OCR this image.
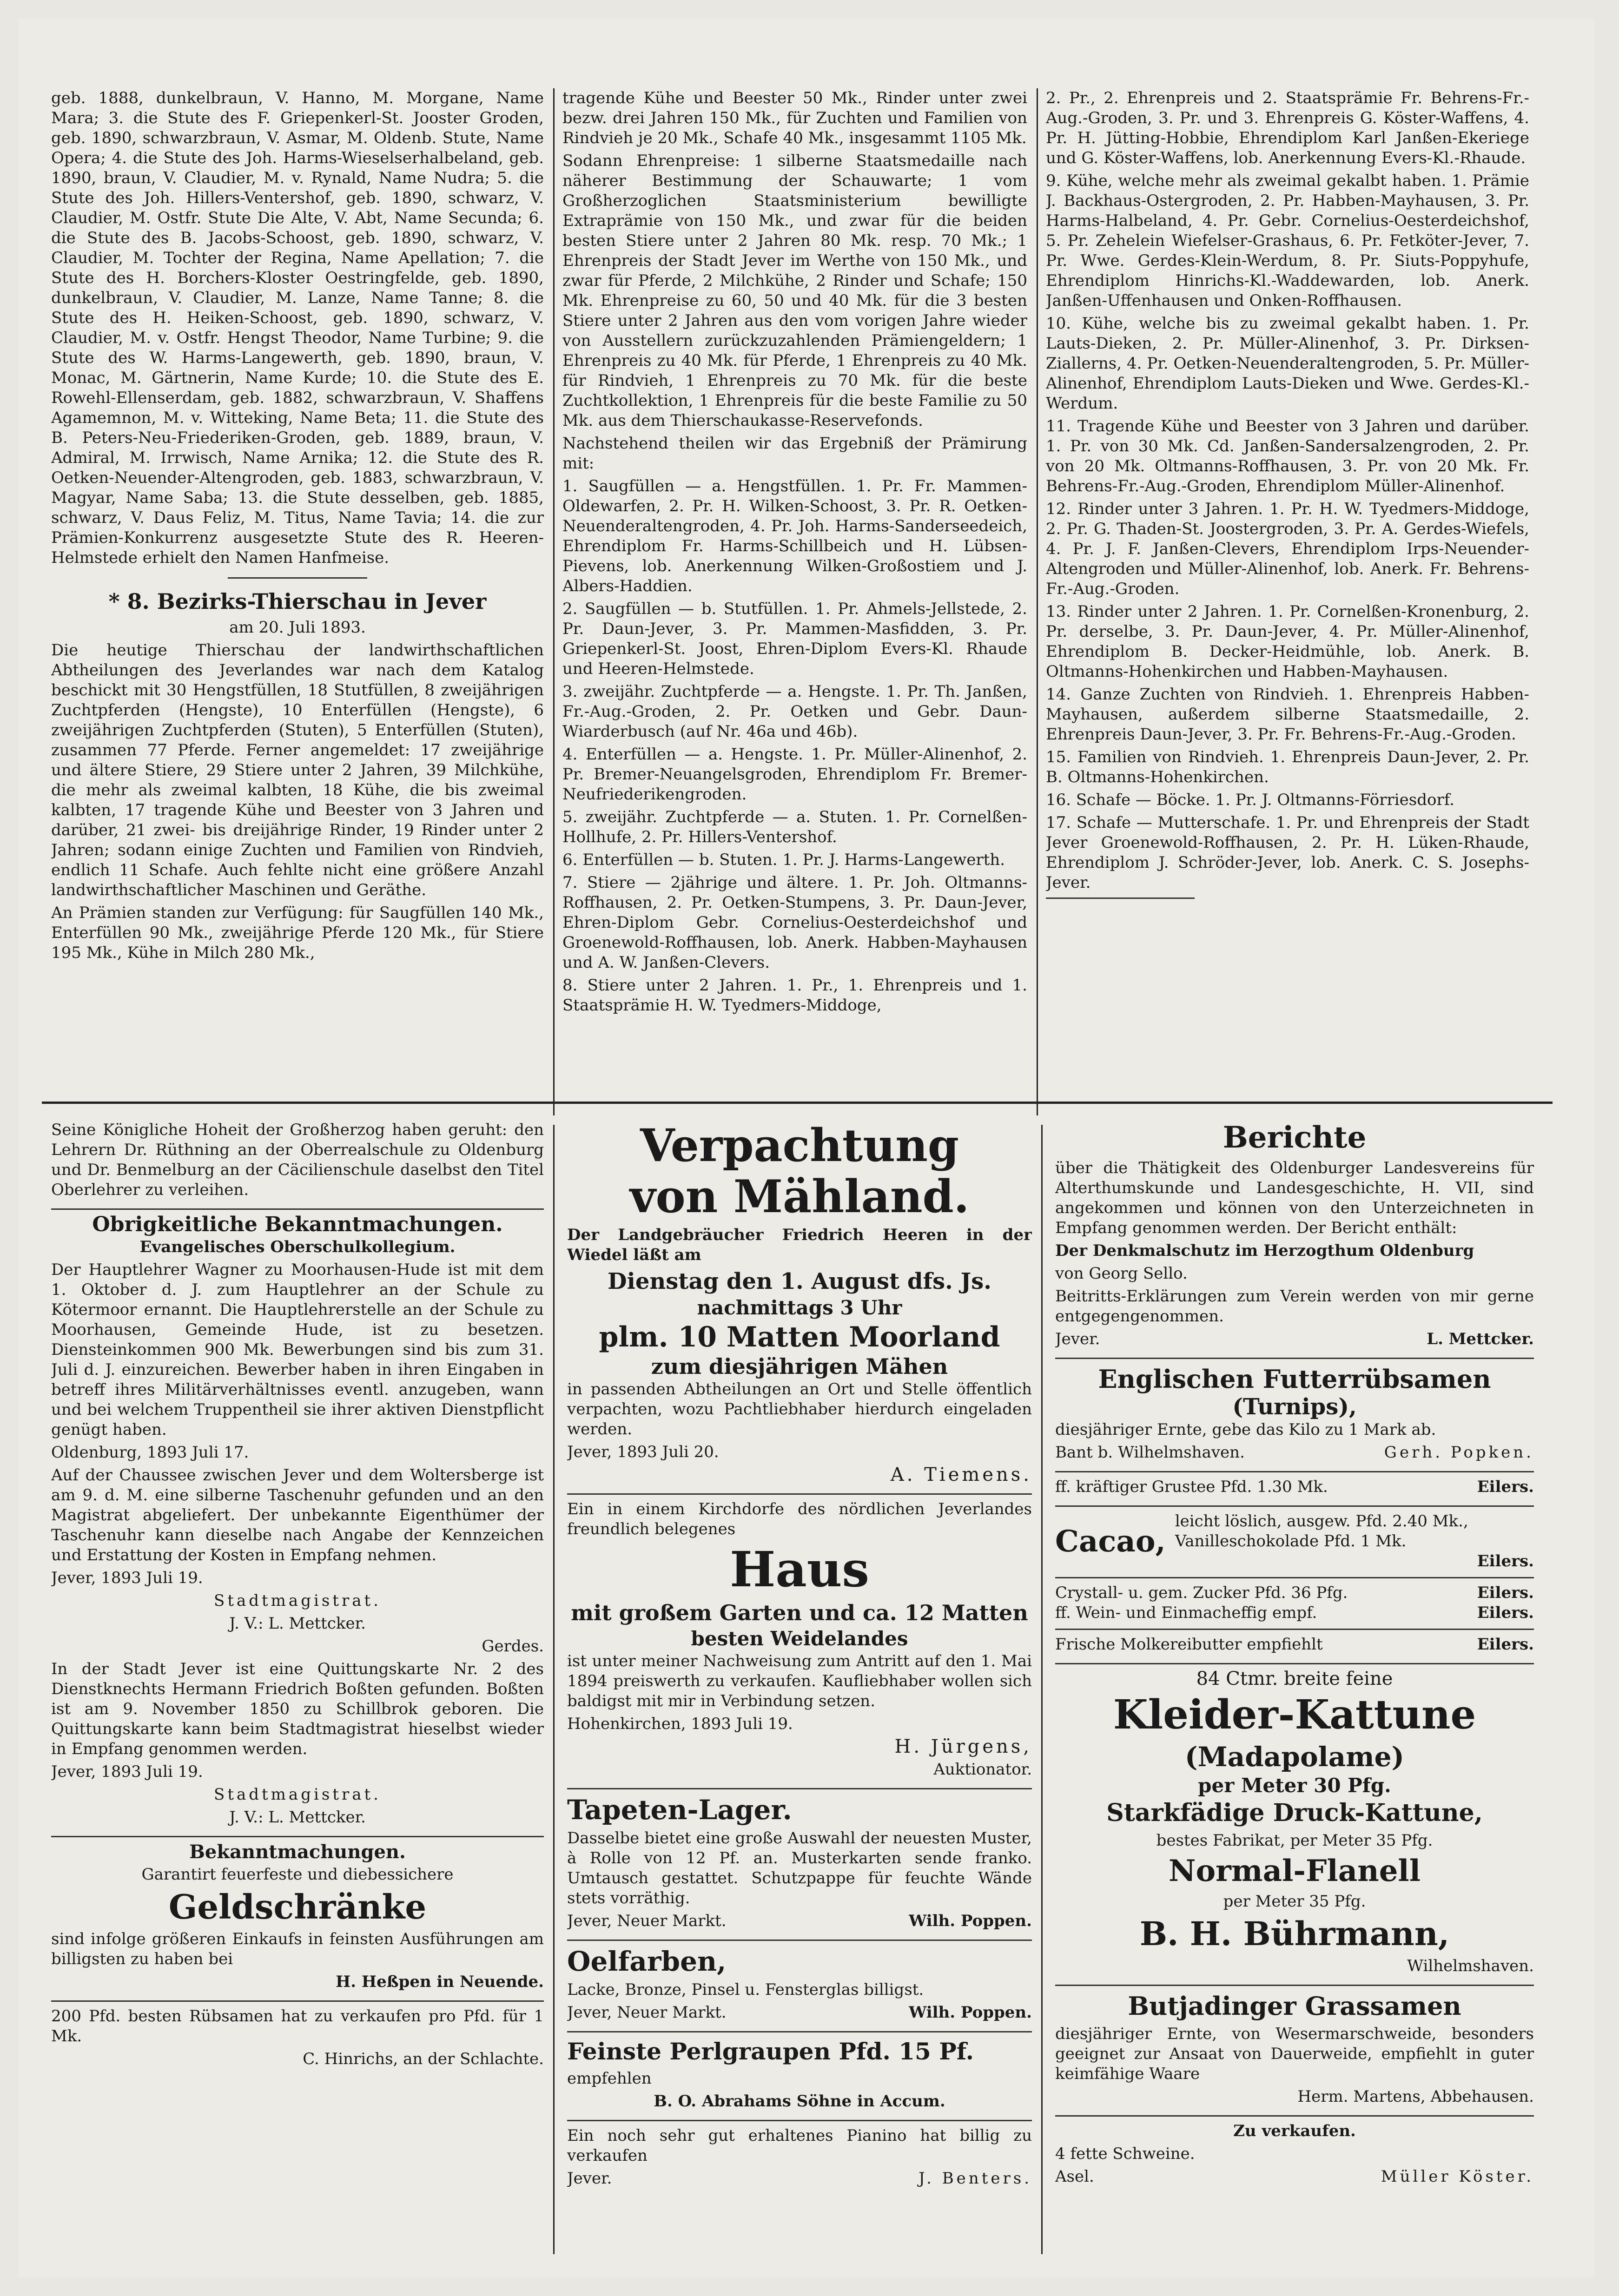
geb. 1888, dunkelbraun, V. Hanno, M. Morgane, Name Mara; 3. die Stute des F. Griepenkerl-St. Jooster Groden, geb. 1890, schwarzbraun, V. Asmar, M. Oldenb. Stute, Name Opera; 4. die Stute des Joh. Harms-Wieselserhalbeland, geb. 1890, braun, V. Claudier, M. v. Rynald, Name Nudra; 5. die Stute des Joh. Hillers-Ventershof, geb. 1890, schwarz, V. Claudier, M. Ostfr. Stute Die Alte, V. Abt, Name Secunda; 6. die Stute des B. Jacobs-Schoost, geb. 1890, schwarz, V. Claudier, M. Tochter der Regina, Name Apellation; 7. die Stute des H. Borchers-Kloster Oestringfelde, geb. 1890, dunkelbraun, V. Claudier, M. Lanze, Name Tanne; 8. die Stute des H. Heiken-Schoost, geb. 1890, schwarz, V. Claudier, M. v. Ostfr. Hengst Theodor, Name Turbine; 9. die Stute des W. Harms-Langewerth, geb. 1890, braun, V. Monac, M. Gärtnerin, Name Kurde; 10. die Stute des E. Rowehl-Ellenserdam, geb. 1882, schwarzbraun, V. Shaffens Agamemnon, M. v. Witteking, Name Beta; 11. die Stute des B. Peters-Neu-Friederiken-Groden, geb. 1889, braun, V. Admiral, M. Irrwisch, Name Arnika; 12. die Stute des R. Oetken-Neuender-Altengroden, geb. 1883, schwarzbraun, V. Magyar, Name Saba; 13. die Stute desselben, geb. 1885, schwarz, V. Daus Feliz, M. Titus, Name Tavia; 14. die zur Prämien-Konkurrenz ausgesetzte Stute des R. Heeren-Helmstede erhielt den Namen Hanfmeise.

* 8. Bezirks-Thierschau in Jever

am 20. Juli 1893.

Die heutige Thierschau der landwirthschaftlichen Abtheilungen des Jeverlandes war nach dem Katalog beschickt mit 30 Hengstfüllen, 18 Stutfüllen, 8 zweijährigen Zuchtpferden (Hengste), 10 Enterfüllen (Hengste), 6 zweijährigen Zuchtpferden (Stuten), 5 Enterfüllen (Stuten), zusammen 77 Pferde. Ferner angemeldet: 17 zweijährige und ältere Stiere, 29 Stiere unter 2 Jahren, 39 Milchkühe, die mehr als zweimal kalbten, 18 Kühe, die bis zweimal kalbten, 17 tragende Kühe und Beester von 3 Jahren und darüber, 21 zwei- bis dreijährige Rinder, 19 Rinder unter 2 Jahren; sodann einige Zuchten und Familien von Rindvieh, endlich 11 Schafe. Auch fehlte nicht eine größere Anzahl landwirthschaftlicher Maschinen und Geräthe.

An Prämien standen zur Verfügung: für Saugfüllen 140 Mk., Enterfüllen 90 Mk., zweijährige Pferde 120 Mk., für Stiere 195 Mk., Kühe in Milch 280 Mk.,

tragende Kühe und Beester 50 Mk., Rinder unter zwei bezw. drei Jahren 150 Mk., für Zuchten und Familien von Rindvieh je 20 Mk., Schafe 40 Mk., insgesammt 1105 Mk.

Sodann Ehrenpreise: 1 silberne Staatsmedaille nach näherer Bestimmung der Schauwarte; 1 vom Großherzoglichen Staatsministerium bewilligte Extraprämie von 150 Mk., und zwar für die beiden besten Stiere unter 2 Jahren 80 Mk. resp. 70 Mk.; 1 Ehrenpreis der Stadt Jever im Werthe von 150 Mk., und zwar für Pferde, 2 Milchkühe, 2 Rinder und Schafe; 150 Mk. Ehrenpreise zu 60, 50 und 40 Mk. für die 3 besten Stiere unter 2 Jahren aus den vom vorigen Jahre wieder von Ausstellern zurückzuzahlenden Prämiengeldern; 1 Ehrenpreis zu 40 Mk. für Pferde, 1 Ehrenpreis zu 40 Mk. für Rindvieh, 1 Ehrenpreis zu 70 Mk. für die beste Zuchtkollektion, 1 Ehrenpreis für die beste Familie zu 50 Mk. aus dem Thierschaukasse-Reservefonds.

Nachstehend theilen wir das Ergebniß der Prämirung mit:

1. Saugfüllen — a. Hengstfüllen. 1. Pr. Fr. Mammen-Oldewarfen, 2. Pr. H. Wilken-Schoost, 3. Pr. R. Oetken-Neuenderaltengroden, 4. Pr. Joh. Harms-Sanderseedeich, Ehrendiplom Fr. Harms-Schillbeich und H. Lübsen-Pievens, lob. Anerkennung Wilken-Großostiem und J. Albers-Haddien.

2. Saugfüllen — b. Stutfüllen. 1. Pr. Ahmels-Jellstede, 2. Pr. Daun-Jever, 3. Pr. Mammen-Masfidden, 3. Pr. Griepenkerl-St. Joost, Ehren-Diplom Evers-Kl. Rhaude und Heeren-Helmstede.

3. zweijähr. Zuchtpferde — a. Hengste. 1. Pr. Th. Janßen, Fr.-Aug.-Groden, 2. Pr. Oetken und Gebr. Daun-Wiarderbusch (auf Nr. 46a und 46b).

4. Enterfüllen — a. Hengste. 1. Pr. Müller-Alinenhof, 2. Pr. Bremer-Neuangelsgroden, Ehrendiplom Fr. Bremer-Neufriederikengroden.

5. zweijähr. Zuchtpferde — a. Stuten. 1. Pr. Cornelßen-Hollhufe, 2. Pr. Hillers-Ventershof.

6. Enterfüllen — b. Stuten. 1. Pr. J. Harms-Langewerth.

7. Stiere — 2jährige und ältere. 1. Pr. Joh. Oltmanns-Roffhausen, 2. Pr. Oetken-Stumpens, 3. Pr. Daun-Jever, Ehren-Diplom Gebr. Cornelius-Oesterdeichshof und Groenewold-Roffhausen, lob. Anerk. Habben-Mayhausen und A. W. Janßen-Clevers.

8. Stiere unter 2 Jahren. 1. Pr., 1. Ehrenpreis und 1. Staatsprämie H. W. Tyedmers-Middoge,

2. Pr., 2. Ehrenpreis und 2. Staatsprämie Fr. Behrens-Fr.-Aug.-Groden, 3. Pr. und 3. Ehrenpreis G. Köster-Waffens, 4. Pr. H. Jütting-Hobbie, Ehrendiplom Karl Janßen-Ekeriege und G. Köster-Waffens, lob. Anerkennung Evers-Kl.-Rhaude.

9. Kühe, welche mehr als zweimal gekalbt haben. 1. Prämie J. Backhaus-Ostergroden, 2. Pr. Habben-Mayhausen, 3. Pr. Harms-Halbeland, 4. Pr. Gebr. Cornelius-Oesterdeichshof, 5. Pr. Zehelein Wiefelser-Grashaus, 6. Pr. Fetköter-Jever, 7. Pr. Wwe. Gerdes-Klein-Werdum, 8. Pr. Siuts-Poppyhufe, Ehrendiplom Hinrichs-Kl.-Waddewarden, lob. Anerk. Janßen-Uffenhausen und Onken-Roffhausen.

10. Kühe, welche bis zu zweimal gekalbt haben. 1. Pr. Lauts-Dieken, 2. Pr. Müller-Alinenhof, 3. Pr. Dirksen-Ziallerns, 4. Pr. Oetken-Neuenderaltengroden, 5. Pr. Müller-Alinenhof, Ehrendiplom Lauts-Dieken und Wwe. Gerdes-Kl.-Werdum.

11. Tragende Kühe und Beester von 3 Jahren und darüber. 1. Pr. von 30 Mk. Cd. Janßen-Sandersalzengroden, 2. Pr. von 20 Mk. Oltmanns-Roffhausen, 3. Pr. von 20 Mk. Fr. Behrens-Fr.-Aug.-Groden, Ehrendiplom Müller-Alinenhof.

12. Rinder unter 3 Jahren. 1. Pr. H. W. Tyedmers-Middoge, 2. Pr. G. Thaden-St. Joostergroden, 3. Pr. A. Gerdes-Wiefels, 4. Pr. J. F. Janßen-Clevers, Ehrendiplom Irps-Neuender-Altengroden und Müller-Alinenhof, lob. Anerk. Fr. Behrens-Fr.-Aug.-Groden.

13. Rinder unter 2 Jahren. 1. Pr. Cornelßen-Kronenburg, 2. Pr. derselbe, 3. Pr. Daun-Jever, 4. Pr. Müller-Alinenhof, Ehrendiplom B. Decker-Heidmühle, lob. Anerk. B. Oltmanns-Hohenkirchen und Habben-Mayhausen.

14. Ganze Zuchten von Rindvieh. 1. Ehrenpreis Habben-Mayhausen, außerdem silberne Staatsmedaille, 2. Ehrenpreis Daun-Jever, 3. Pr. Fr. Behrens-Fr.-Aug.-Groden.

15. Familien von Rindvieh. 1. Ehrenpreis Daun-Jever, 2. Pr. B. Oltmanns-Hohenkirchen.

16. Schafe — Böcke. 1. Pr. J. Oltmanns-Förriesdorf.

17. Schafe — Mutterschafe. 1. Pr. und Ehrenpreis der Stadt Jever Groenewold-Roffhausen, 2. Pr. H. Lüken-Rhaude, Ehrendiplom J. Schröder-Jever, lob. Anerk. C. S. Josephs-Jever.

Seine Königliche Hoheit der Großherzog haben geruht: den Lehrern Dr. Rüthning an der Oberrealschule zu Oldenburg und Dr. Benmelburg an der Cäcilienschule daselbst den Titel Oberlehrer zu verleihen.

Obrigkeitliche Bekanntmachungen.

Evangelisches Oberschulkollegium.

Der Hauptlehrer Wagner zu Moorhausen-Hude ist mit dem 1. Oktober d. J. zum Hauptlehrer an der Schule zu Kötermoor ernannt. Die Hauptlehrerstelle an der Schule zu Moorhausen, Gemeinde Hude, ist zu besetzen. Diensteinkommen 900 Mk. Bewerbungen sind bis zum 31. Juli d. J. einzureichen. Bewerber haben in ihren Eingaben in betreff ihres Militärverhältnisses eventl. anzugeben, wann und bei welchem Truppentheil sie ihrer aktiven Dienstpflicht genügt haben.

Oldenburg, 1893 Juli 17.

Auf der Chaussee zwischen Jever und dem Woltersberge ist am 9. d. M. eine silberne Taschenuhr gefunden und an den Magistrat abgeliefert. Der unbekannte Eigenthümer der Taschenuhr kann dieselbe nach Angabe der Kennzeichen und Erstattung der Kosten in Empfang nehmen.

Jever, 1893 Juli 19.

Stadtmagistrat.

J. V.: L. Mettcker.

Gerdes.

In der Stadt Jever ist eine Quittungskarte Nr. 2 des Dienstknechts Hermann Friedrich Boßten gefunden. Boßten ist am 9. November 1850 zu Schillbrok geboren. Die Quittungskarte kann beim Stadtmagistrat hieselbst wieder in Empfang genommen werden.

Jever, 1893 Juli 19.

Stadtmagistrat.

J. V.: L. Mettcker.

Bekanntmachungen.

Garantirt feuerfeste und diebessichere

Geldschränke

sind infolge größeren Einkaufs in feinsten Ausführungen am billigsten zu haben bei

H. Heßpen in Neuende.

200 Pfd. besten Rübsamen hat zu verkaufen pro Pfd. für 1 Mk.

C. Hinrichs, an der Schlachte.

Verpachtung

von Mähland.

Der Landgebräucher Friedrich Heeren in der Wiedel läßt am

Dienstag den 1. August dfs. Js.

nachmittags 3 Uhr

plm. 10 Matten Moorland

zum diesjährigen Mähen

in passenden Abtheilungen an Ort und Stelle öffentlich verpachten, wozu Pachtliebhaber hierdurch eingeladen werden.

Jever, 1893 Juli 20.

A. Tiemens.

Ein in einem Kirchdorfe des nördlichen Jeverlandes freundlich belegenes

Haus

mit großem Garten und ca. 12 Matten

besten Weidelandes

ist unter meiner Nachweisung zum Antritt auf den 1. Mai 1894 preiswerth zu verkaufen. Kaufliebhaber wollen sich baldigst mit mir in Verbindung setzen.

Hohenkirchen, 1893 Juli 19.

H. Jürgens,

Auktionator.

Tapeten-Lager.

Dasselbe bietet eine große Auswahl der neuesten Muster, à Rolle von 12 Pf. an. Musterkarten sende franko. Umtausch gestattet. Schutzpappe für feuchte Wände stets vorräthig.

Jever, Neuer Markt.	Wilh. Poppen.

Oelfarben,

Lacke, Bronze, Pinsel u. Fensterglas billigst.

Jever, Neuer Markt.	Wilh. Poppen.

Feinste Perlgraupen Pfd. 15 Pf.

empfehlen

B. O. Abrahams Söhne in Accum.

Ein noch sehr gut erhaltenes Pianino hat billig zu verkaufen

Jever.	J. Benters.

Berichte

über die Thätigkeit des Oldenburger Landesvereins für Alterthumskunde und Landesgeschichte, H. VII, sind angekommen und können von den Unterzeichneten in Empfang genommen werden. Der Bericht enthält:

Der Denkmalschutz im Herzogthum Oldenburg

von Georg Sello.

Beitritts-Erklärungen zum Verein werden von mir gerne entgegengenommen.

Jever.	L. Mettcker.

Englischen Futterrübsamen

(Turnips),

diesjähriger Ernte, gebe das Kilo zu 1 Mark ab.

Bant b. Wilhelmshaven.	Gerh. Popken.

ff. kräftiger Grustee Pfd. 1.30 Mk.	Eilers.

Cacao,
leicht löslich, ausgew. Pfd. 2.40 Mk., Vanilleschokolade Pfd. 1 Mk.

Eilers.

Crystall- u. gem. Zucker Pfd. 36 Pfg.	Eilers.

ff. Wein- und Einmacheffig empf.	Eilers.

Frische Molkereibutter empfiehlt	Eilers.

84 Ctmr. breite feine

Kleider-Kattune

(Madapolame)

per Meter 30 Pfg.

Starkfädige Druck-Kattune,

bestes Fabrikat, per Meter 35 Pfg.

Normal-Flanell

per Meter 35 Pfg.

B. H. Bührmann,

Wilhelmshaven.

Butjadinger Grassamen

diesjähriger Ernte, von Wesermarschweide, besonders geeignet zur Ansaat von Dauerweide, empfiehlt in guter keimfähige Waare

Herm. Martens, Abbehausen.

Zu verkaufen.

4 fette Schweine.

Asel.	Müller Köster.
